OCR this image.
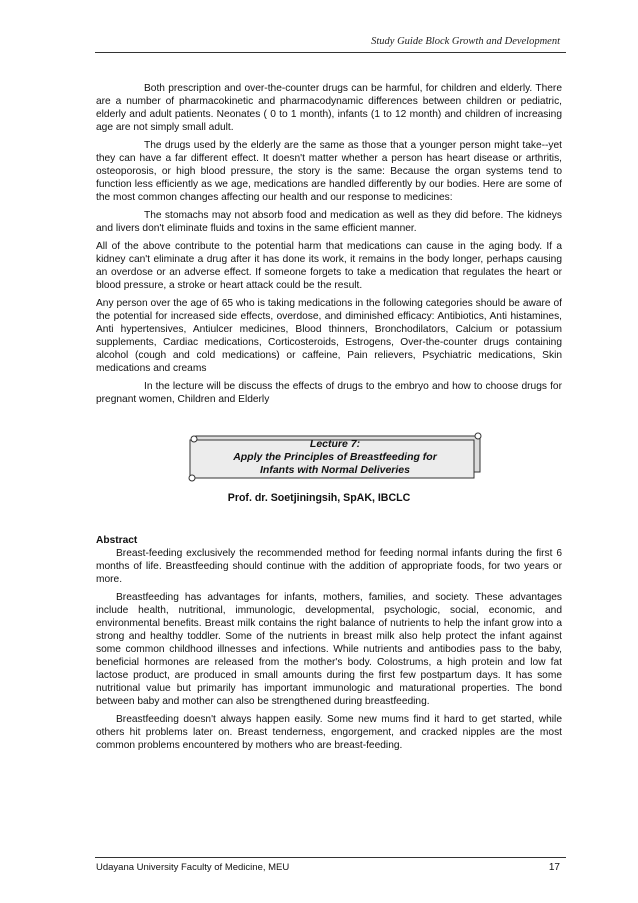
Study Guide Block Growth and Development

Both prescription and over-the-counter drugs can be harmful, for children and elderly. There are a number of pharmacokinetic and pharmacodynamic differences between children or pediatric, elderly and adult patients. Neonates ( 0 to 1 month), infants (1 to 12 month) and children of increasing age are not simply small adult.

The drugs used by the elderly are the same as those that a younger person might take--yet they can have a far different effect. It doesn't matter whether a person has heart disease or arthritis, osteoporosis, or high blood pressure, the story is the same: Because the organ systems tend to function less efficiently as we age, medications are handled differently by our bodies. Here are some of the most common changes affecting our health and our response to medicines:

The stomachs may not absorb food and medication as well as they did before. The kidneys and livers don't eliminate fluids and toxins in the same efficient manner.

All of the above contribute to the potential harm that medications can cause in the aging body. If a kidney can't eliminate a drug after it has done its work, it remains in the body longer, perhaps causing an overdose or an adverse effect. If someone forgets to take a medication that regulates the heart or blood pressure, a stroke or heart attack could be the result.

Any person over the age of 65 who is taking medications in the following categories should be aware of the potential for increased side effects, overdose, and diminished efficacy: Antibiotics, Anti histamines, Anti hypertensives, Antiulcer medicines, Blood thinners, Bronchodilators, Calcium or potassium supplements, Cardiac medications, Corticosteroids, Estrogens, Over-the-counter drugs containing alcohol (cough and cold medications) or caffeine, Pain relievers, Psychiatric medications, Skin medications and creams

In the lecture will be discuss the effects of drugs to the embryo and how to choose drugs for pregnant women, Children and Elderly

Lecture 7:
Apply the Principles of Breastfeeding for
Infants with Normal Deliveries
Prof. dr. Soetjiningsih, SpAK, IBCLC
Abstract

Breast-feeding exclusively the recommended method for feeding normal infants during the first 6 months of life. Breastfeeding should continue with the addition of appropriate foods, for two years or more.

Breastfeeding has advantages for infants, mothers, families, and society. These advantages include health, nutritional, immunologic, developmental, psychologic, social, economic, and environmental benefits. Breast milk contains the right balance of nutrients to help the infant grow into a strong and healthy toddler. Some of the nutrients in breast milk also help protect the infant against some common childhood illnesses and infections. While nutrients and antibodies pass to the baby, beneficial hormones are released from the mother's body. Colostrums, a high protein and low fat lactose product, are produced in small amounts during the first few postpartum days. It has some nutritional value but primarily has important immunologic and maturational properties. The bond between baby and mother can also be strengthened during breastfeeding.

Breastfeeding doesn't always happen easily. Some new mums find it hard to get started, while others hit problems later on. Breast tenderness, engorgement, and cracked nipples are the most common problems encountered by mothers who are breast-feeding.

Udayana University Faculty of Medicine, MEU	17
